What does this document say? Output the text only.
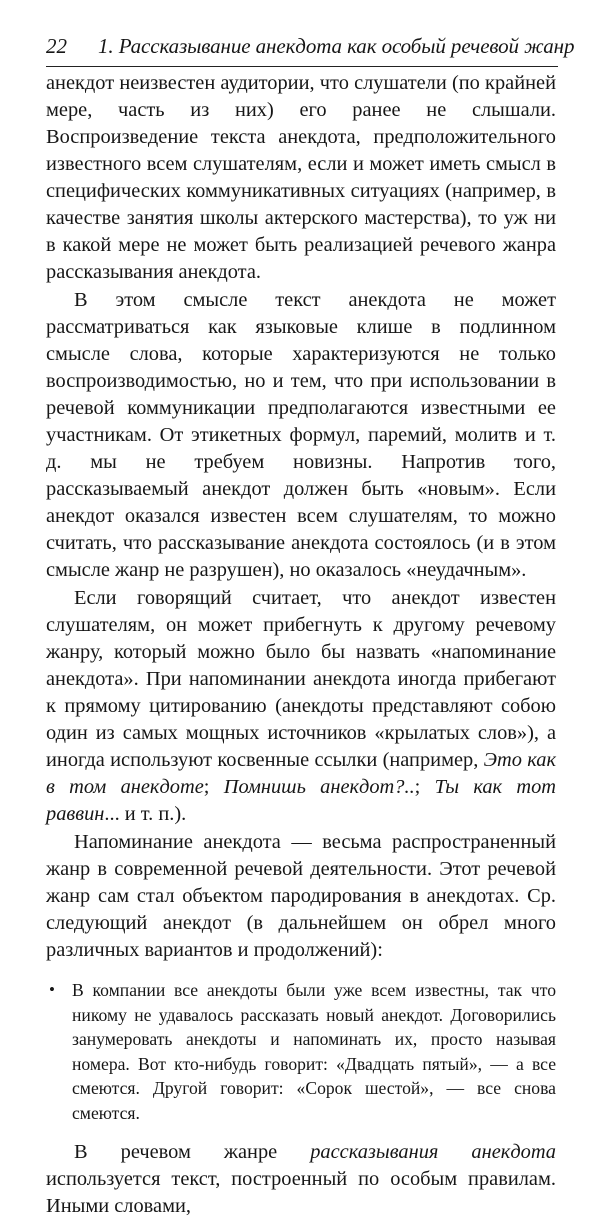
22 1. Рассказывание анекдота как особый речевой жанр

анекдот неизвестен аудитории, что слушатели (по крайней мере, часть из них) его ранее не слышали. Воспроизведение текста анекдота, предположительного известного всем слушателям, если и может иметь смысл в специфических коммуникативных ситуациях (например, в качестве занятия школы актерского мастерства), то уж ни в какой мере не может быть реализацией речевого жанра рассказывания анекдота.

В этом смысле текст анекдота не может рассматриваться как языковые клише в подлинном смысле слова, которые характеризуются не только воспроизводимостью, но и тем, что при использовании в речевой коммуникации предполагаются известными ее участникам. От этикетных формул, паремий, молитв и т. д. мы не требуем новизны. Напротив того, рассказываемый анекдот должен быть «новым». Если анекдот оказался известен всем слушателям, то можно считать, что рассказывание анекдота состоялось (и в этом смысле жанр не разрушен), но оказалось «неудачным».

Если говорящий считает, что анекдот известен слушателям, он может прибегнуть к другому речевому жанру, который можно было бы назвать «напоминание анекдота». При напоминании анекдота иногда прибегают к прямому цитированию (анекдоты представляют собою один из самых мощных источников «крылатых слов»), а иногда используют косвенные ссылки (например, Это как в том анекдоте; Помнишь анекдот?..; Ты как тот раввин... и т. п.).

Напоминание анекдота — весьма распространенный жанр в современной речевой деятельности. Этот речевой жанр сам стал объектом пародирования в анекдотах. Ср. следующий анекдот (в дальнейшем он обрел много различных вариантов и продолжений):

• В компании все анекдоты были уже всем известны, так что никому не удавалось рассказать новый анекдот. Договорились занумеровать анекдоты и напоминать их, просто называя номера. Вот кто-нибудь говорит: «Двадцать пятый», — а все смеются. Другой говорит: «Сорок шестой», — все снова смеются.

В речевом жанре рассказывания анекдота используется текст, построенный по особым правилам. Иными словами,
